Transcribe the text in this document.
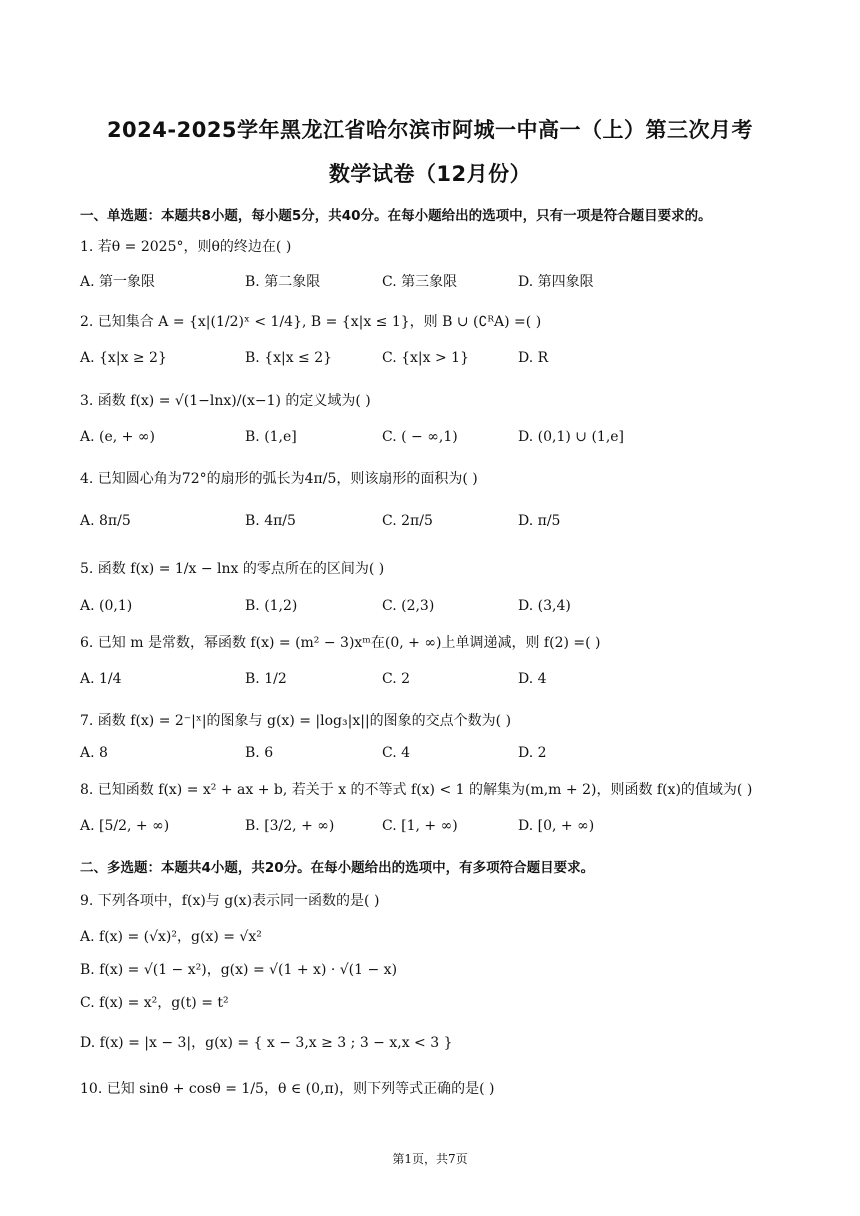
2024-2025学年黑龙江省哈尔滨市阿城一中高一（上）第三次月考
数学试卷（12月份）
一、单选题：本题共8小题，每小题5分，共40分。在每小题给出的选项中，只有一项是符合题目要求的。
1. 若θ = 2025°，则θ的终边在( )
A. 第一象限	B. 第二象限	C. 第三象限	D. 第四象限
2. 已知集合 A = {x|(1/2)ˣ < 1/4}, B = {x|x ≤ 1}，则 B ∪ (∁ᴿA) =( )
A. {x|x ≥ 2}	B. {x|x ≤ 2}	C. {x|x > 1}	D. R
3. 函数 f(x) = √(1−lnx)/(x−1) 的定义域为( )
A. (e, + ∞)	B. (1,e]	C. ( − ∞,1)	D. (0,1) ∪ (1,e]
4. 已知圆心角为72°的扇形的弧长为4π/5，则该扇形的面积为( )
A. 8π/5	B. 4π/5	C. 2π/5	D. π/5
5. 函数 f(x) = 1/x − lnx 的零点所在的区间为( )
A. (0,1)	B. (1,2)	C. (2,3)	D. (3,4)
6. 已知 m 是常数，幂函数 f(x) = (m² − 3)xᵐ在(0, + ∞)上单调递减，则 f(2) =( )
A. 1/4	B. 1/2	C. 2	D. 4
7. 函数 f(x) = 2⁻|ˣ|的图象与 g(x) = |log₃|x||的图象的交点个数为( )
A. 8	B. 6	C. 4	D. 2
8. 已知函数 f(x) = x² + ax + b, 若关于 x 的不等式 f(x) < 1 的解集为(m,m + 2)，则函数 f(x)的值域为( )
A. [5/2, + ∞)	B. [3/2, + ∞)	C. [1, + ∞)	D. [0, + ∞)
二、多选题：本题共4小题，共20分。在每小题给出的选项中，有多项符合题目要求。
9. 下列各项中，f(x)与 g(x)表示同一函数的是( )
A. f(x) = (√x)²，g(x) = √x²
B. f(x) = √(1 − x²)，g(x) = √(1 + x) · √(1 − x)
C. f(x) = x²，g(t) = t²
D. f(x) = |x − 3|，g(x) = { x − 3,x ≥ 3 ; 3 − x,x < 3 }
10. 已知 sinθ + cosθ = 1/5，θ ∈ (0,π)，则下列等式正确的是( )
第1页，共7页
